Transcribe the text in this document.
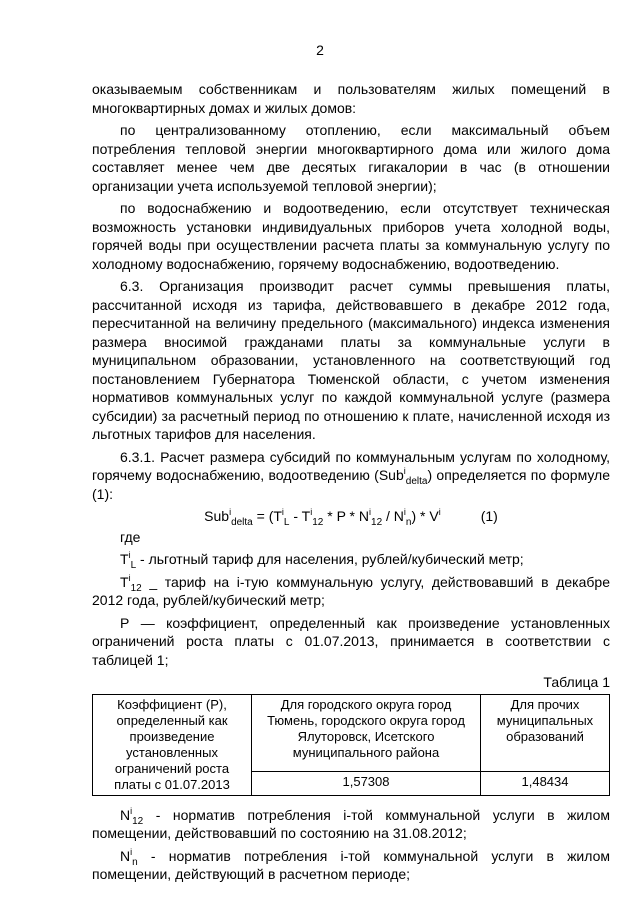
2

оказываемым собственникам и пользователям жилых помещений в многоквартирных домах и жилых домов:

по централизованному отоплению, если максимальный объем потребления тепловой энергии многоквартирного дома или жилого дома составляет менее чем две десятых гигакалории в час (в отношении организации учета используемой тепловой энергии);

по водоснабжению и водоотведению, если отсутствует техническая возможность установки индивидуальных приборов учета холодной воды, горячей воды при осуществлении расчета платы за коммунальную услугу по холодному водоснабжению, горячему водоснабжению, водоотведению.

6.3. Организация производит расчет суммы превышения платы, рассчитанной исходя из тарифа, действовавшего в декабре 2012 года, пересчитанной на величину предельного (максимального) индекса изменения размера вносимой гражданами платы за коммунальные услуги в муниципальном образовании, установленного на соответствующий год постановлением Губернатора Тюменской области, с учетом изменения нормативов коммунальных услуг по каждой коммунальной услуге (размера субсидии) за расчетный период по отношению к плате, начисленной исходя из льготных тарифов для населения.

6.3.1. Расчет размера субсидий по коммунальным услугам по холодному, горячему водоснабжению, водоотведению (Sub$^i_{delta}$) определяется по формуле (1):

$Sub^i_{delta} = (T^i_L - T^i_{12} * P * N^i_{12} / N^i_n) * V^i$	(1)

где

$T^i_L$ - льготный тариф для населения, рублей/кубический метр;

$T^i_{12}$ _ тариф на i-тую коммунальную услугу, действовавший в декабре 2012 года, рублей/кубический метр;

Р — коэффициент, определенный как произведение установленных ограничений роста платы с 01.07.2013, принимается в соответствии с таблицей 1;

Таблица 1

Коэффициент (Р), определенный как произведение установленных ограничений роста платы с 01.07.2013	Для городского округа город Тюмень, городского округа город Ялуторовск, Исетского муниципального района	Для прочих муниципальных образований
	1,57308	1,48434

$N^i_{12}$ - норматив потребления i-той коммунальной услуги в жилом помещении, действовавший по состоянию на 31.08.2012;

$N^i_n$ - норматив потребления i-той коммунальной услуги в жилом помещении, действующий в расчетном периоде;
